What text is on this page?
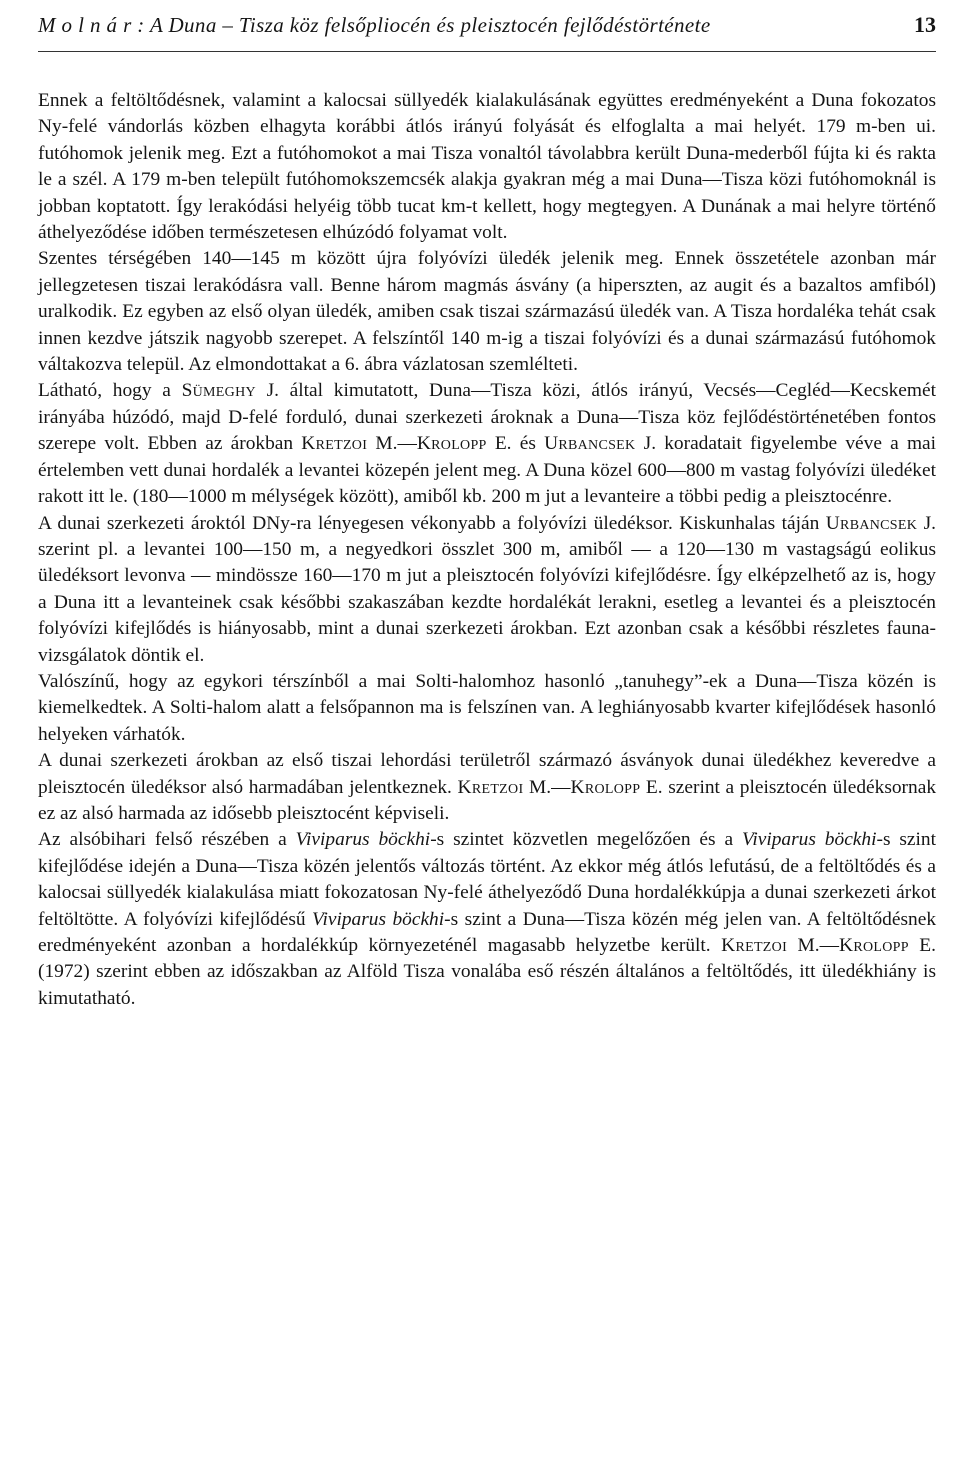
M o l n á r : A Duna – Tisza köz felsőpliocén és pleisztocén fejlődéstörténete	13

Ennek a feltöltődésnek, valamint a kalocsai süllyedék kialakulásának együttes eredményeként a Duna fokozatos Ny-felé vándorlás közben elhagyta korábbi átlós irányú folyását és elfoglalta a mai helyét. 179 m-ben ui. futóhomok jelenik meg. Ezt a futóhomokot a mai Tisza vonaltól távolabbra került Duna-mederből fújta ki és rakta le a szél. A 179 m-ben települt futóhomokszemcsék alakja gyakran még a mai Duna—Tisza közi futóhomoknál is jobban koptatott. Így lerakódási helyéig több tucat km-t kellett, hogy megtegyen. A Dunának a mai helyre történő áthelyeződése időben természetesen elhúzódó folyamat volt.

Szentes térségében 140—145 m között újra folyóvízi üledék jelenik meg. Ennek összetétele azonban már jellegzetesen tiszai lerakódásra vall. Benne három magmás ásvány (a hiperszten, az augit és a bazaltos amfiból) uralkodik. Ez egyben az első olyan üledék, amiben csak tiszai származású üledék van. A Tisza hordaléka tehát csak innen kezdve játszik nagyobb szerepet. A felszíntől 140 m-ig a tiszai folyóvízi és a dunai származású futóhomok váltakozva települ. Az elmondottakat a 6. ábra vázlatosan szemlélteti.

Látható, hogy a Sümeghy J. által kimutatott, Duna—Tisza közi, átlós irányú, Vecsés—Cegléd—Kecskemét irányába húzódó, majd D-felé forduló, dunai szerkezeti ároknak a Duna—Tisza köz fejlődéstörténetében fontos szerepe volt. Ebben az árokban Kretzoi M.—Krolopp E. és Urbancsek J. koradatait figyelembe véve a mai értelemben vett dunai hordalék a levantei közepén jelent meg. A Duna közel 600—800 m vastag folyóvízi üledéket rakott itt le. (180—1000 m mélységek között), amiből kb. 200 m jut a levanteire a többi pedig a pleisztocénre.

A dunai szerkezeti ároktól DNy-ra lényegesen vékonyabb a folyóvízi üledéksor. Kiskunhalas táján Urbancsek J. szerint pl. a levantei 100—150 m, a negyedkori összlet 300 m, amiből — a 120—130 m vastagságú eolikus üledéksort levonva — mindössze 160—170 m jut a pleisztocén folyóvízi kifejlődésre. Így elképzelhető az is, hogy a Duna itt a levanteinek csak későbbi szakaszában kezdte hordalékát lerakni, esetleg a levantei és a pleisztocén folyóvízi kifejlődés is hiányosabb, mint a dunai szerkezeti árokban. Ezt azonban csak a későbbi részletes fauna-vizsgálatok döntik el.

Valószínű, hogy az egykori térszínből a mai Solti-halomhoz hasonló „tanuhegy”-ek a Duna—Tisza közén is kiemelkedtek. A Solti-halom alatt a felsőpannon ma is felszínen van. A leghiányosabb kvarter kifejlődések hasonló helyeken várhatók.

A dunai szerkezeti árokban az első tiszai lehordási területről származó ásványok dunai üledékhez keveredve a pleisztocén üledéksor alsó harmadában jelentkeznek. Kretzoi M.—Krolopp E. szerint a pleisztocén üledéksornak ez az alsó harmada az idősebb pleisztocént képviseli.

Az alsóbihari felső részében a Viviparus böckhi-s szintet közvetlen megelőzően és a Viviparus böckhi-s szint kifejlődése idején a Duna—Tisza közén jelentős változás történt. Az ekkor még átlós lefutású, de a feltöltődés és a kalocsai süllyedék kialakulása miatt fokozatosan Ny-felé áthelyeződő Duna hordalékkúpja a dunai szerkezeti árkot feltöltötte. A folyóvízi kifejlődésű Viviparus böckhi-s szint a Duna—Tisza közén még jelen van. A feltöltődésnek eredményeként azonban a hordalékkúp környezeténél magasabb helyzetbe került. Kretzoi M.—Krolopp E. (1972) szerint ebben az időszakban az Alföld Tisza vonalába eső részén általános a feltöltődés, itt üledékhiány is kimutatható.
